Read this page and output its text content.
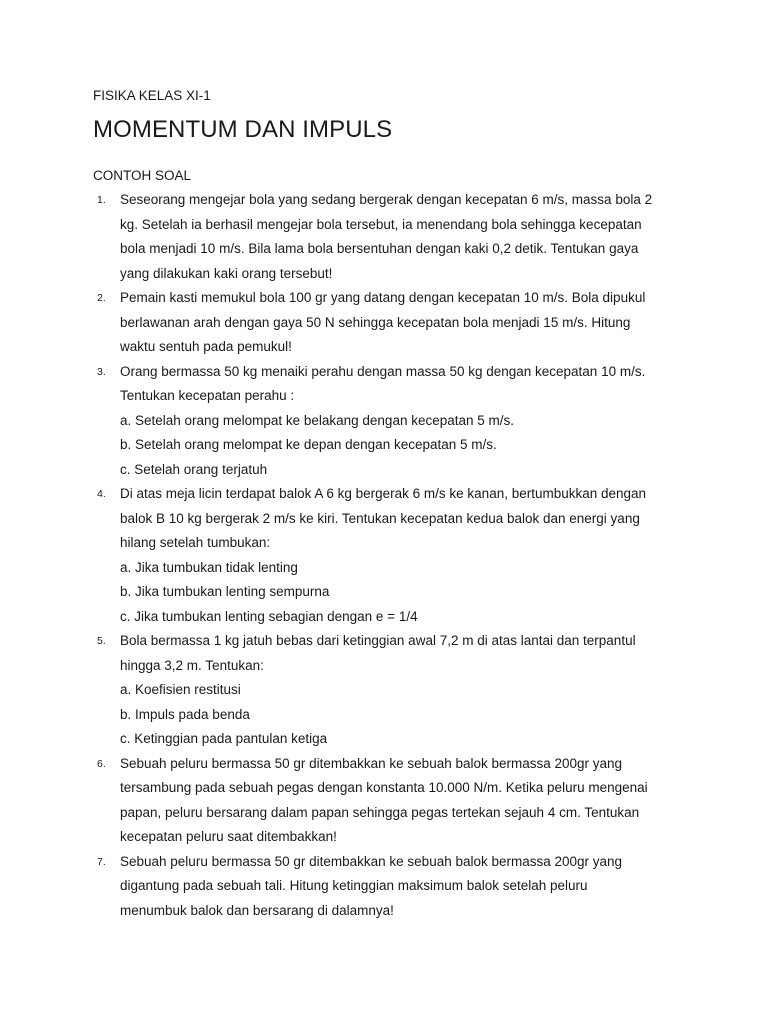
FISIKA KELAS XI-1

MOMENTUM DAN IMPULS

CONTOH SOAL

1.	Seseorang mengejar bola yang sedang bergerak dengan kecepatan 6 m/s, massa bola 2
kg. Setelah ia berhasil mengejar bola tersebut, ia menendang bola sehingga kecepatan
bola menjadi 10 m/s. Bila lama bola bersentuhan dengan kaki 0,2 detik. Tentukan gaya
yang dilakukan kaki orang tersebut!
2.	Pemain kasti memukul bola 100 gr yang datang dengan kecepatan 10 m/s. Bola dipukul
berlawanan arah dengan gaya 50 N sehingga kecepatan bola menjadi 15 m/s. Hitung
waktu sentuh pada pemukul!
3.	Orang bermassa 50 kg menaiki perahu dengan massa 50 kg dengan kecepatan 10 m/s.
Tentukan kecepatan perahu :
a. Setelah orang melompat ke belakang dengan kecepatan 5 m/s.
b. Setelah orang melompat ke depan dengan kecepatan 5 m/s.
c. Setelah orang terjatuh
4.	Di atas meja licin terdapat balok A 6 kg bergerak 6 m/s ke kanan, bertumbukkan dengan
balok B 10 kg bergerak 2 m/s ke kiri. Tentukan kecepatan kedua balok dan energi yang
hilang setelah tumbukan:
a. Jika tumbukan tidak lenting
b. Jika tumbukan lenting sempurna
c. Jika tumbukan lenting sebagian dengan e = 1/4
5.	Bola bermassa 1 kg jatuh bebas dari ketinggian awal 7,2 m di atas lantai dan terpantul
hingga 3,2 m. Tentukan:
a. Koefisien restitusi
b. Impuls pada benda
c. Ketinggian pada pantulan ketiga
6.	Sebuah peluru bermassa 50 gr ditembakkan ke sebuah balok bermassa 200gr yang
tersambung pada sebuah pegas dengan konstanta 10.000 N/m. Ketika peluru mengenai
papan, peluru bersarang dalam papan sehingga pegas tertekan sejauh 4 cm. Tentukan
kecepatan peluru saat ditembakkan!
7.	Sebuah peluru bermassa 50 gr ditembakkan ke sebuah balok bermassa 200gr yang
digantung pada sebuah tali. Hitung ketinggian maksimum balok setelah peluru
menumbuk balok dan bersarang di dalamnya!
